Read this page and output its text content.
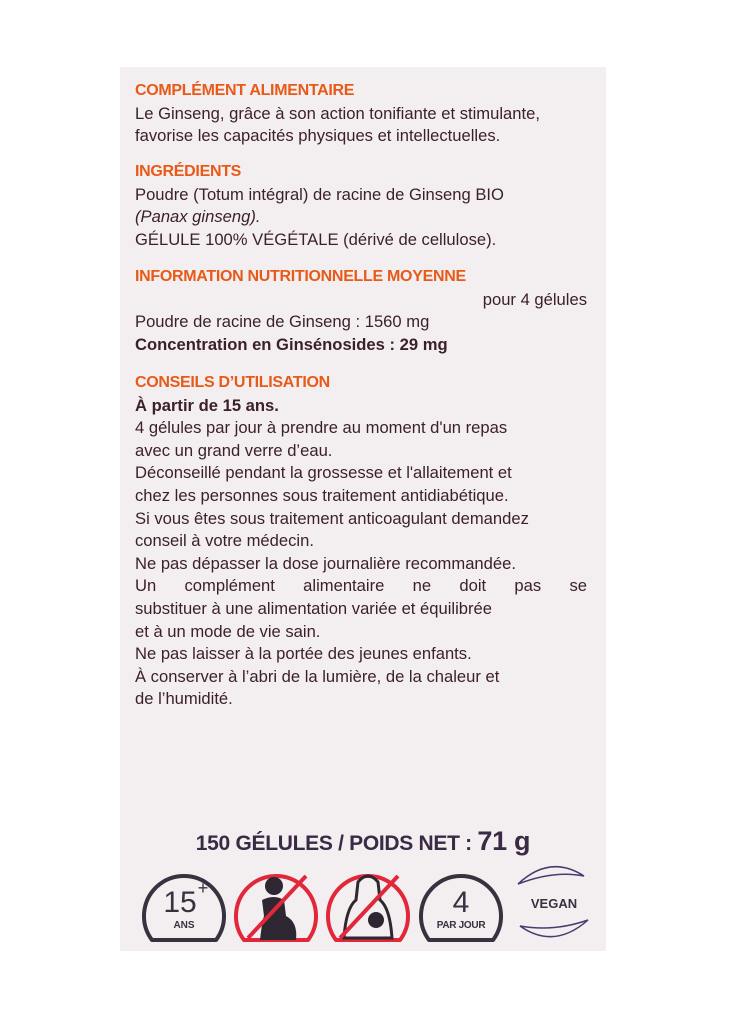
COMPLÉMENT ALIMENTAIRE
Le Ginseng, grâce à son action tonifiante et stimulante,
favorise les capacités physiques et intellectuelles.
INGRÉDIENTS
Poudre (Totum intégral) de racine de Ginseng BIO
(Panax ginseng).
GÉLULE 100% VÉGÉTALE (dérivé de cellulose).
INFORMATION NUTRITIONNELLE MOYENNE
pour 4 gélules
Poudre de racine de Ginseng : 1560 mg
Concentration en Ginsénosides : 29 mg
CONSEILS D’UTILISATION
À partir de 15 ans.
4 gélules par jour à prendre au moment d'un repas
avec un grand verre d’eau.
Déconseillé pendant la grossesse et l'allaitement et
chez les personnes sous traitement antidiabétique.
Si vous êtes sous traitement anticoagulant demandez
conseil à votre médecin.
Ne pas dépasser la dose journalière recommandée.
Un complément alimentaire ne doit pas se
substituer à une alimentation variée et équilibrée
et à un mode de vie sain.
Ne pas laisser à la portée des jeunes enfants.
À conserver à l’abri de la lumière, de la chaleur et
de l’humidité.
150 GÉLULES / POIDS NET : 71 g
15 +
ANS
4
PAR JOUR
VEGAN
